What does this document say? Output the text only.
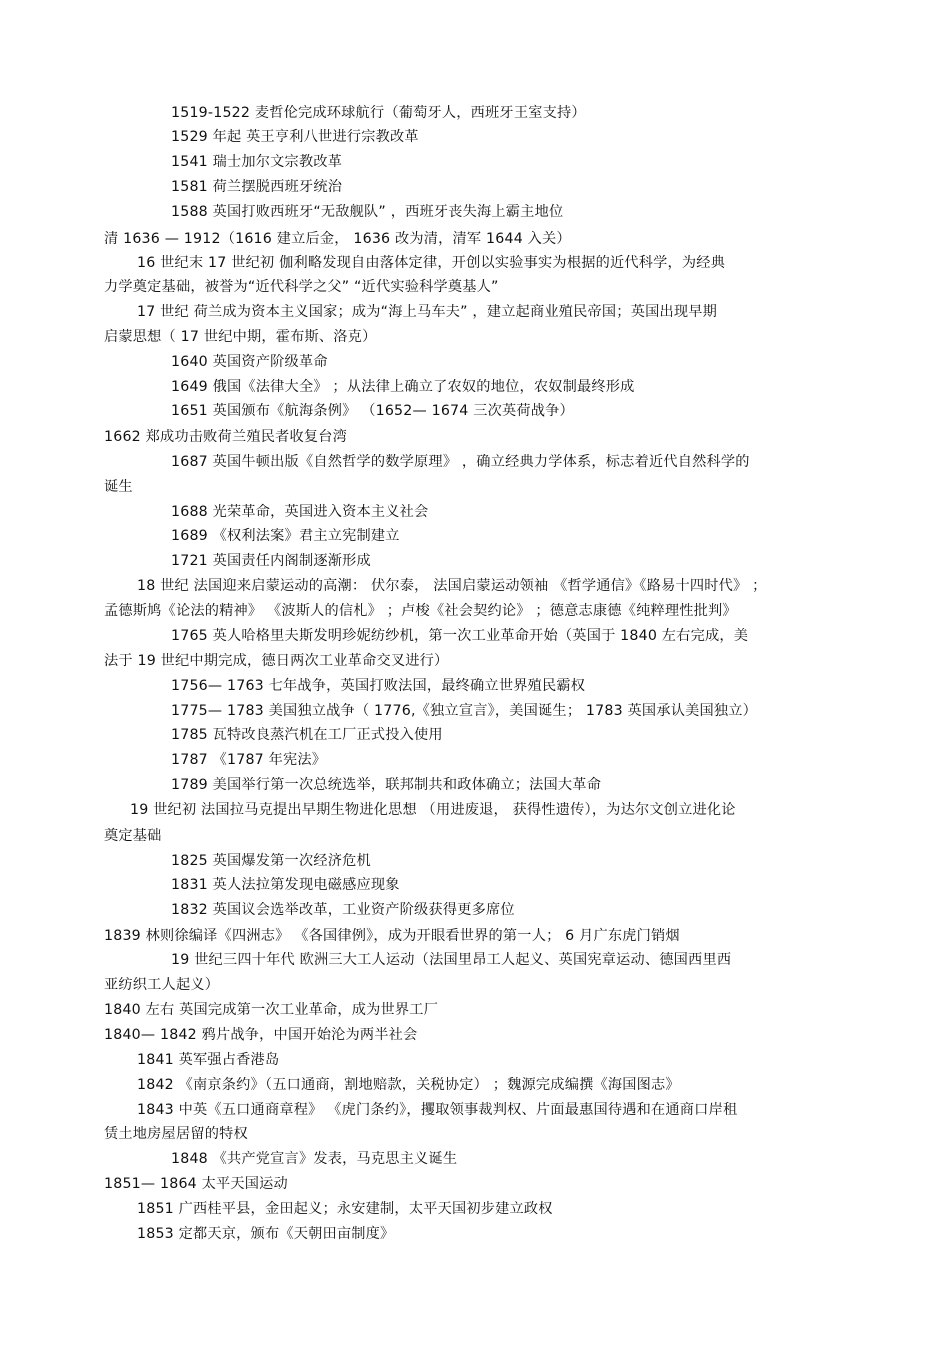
1519-1522 麦哲伦完成环球航行（葡萄牙人，西班牙王室支持）
1529 年起 英王亨利八世进行宗教改革
1541 瑞士加尔文宗教改革
1581 荷兰摆脱西班牙统治
1588 英国打败西班牙“无敌舰队” ，西班牙丧失海上霸主地位
清 1636 — 1912（1616 建立后金， 1636 改为清，清军 1644 入关）
16 世纪末 17 世纪初 伽利略发现自由落体定律，开创以实验事实为根据的近代科学，为经典
力学奠定基础，被誉为“近代科学之父” “近代实验科学奠基人”
17 世纪 荷兰成为资本主义国家；成为“海上马车夫” ，建立起商业殖民帝国；英国出现早期
启蒙思想（ 17 世纪中期，霍布斯、洛克）
1640 英国资产阶级革命
1649 俄国《法律大全》 ；从法律上确立了农奴的地位，农奴制最终形成
1651 英国颁布《航海条例》 （1652— 1674 三次英荷战争）
1662 郑成功击败荷兰殖民者收复台湾
1687 英国牛顿出版《自然哲学的数学原理》 ，确立经典力学体系，标志着近代自然科学的
诞生
1688 光荣革命，英国进入资本主义社会
1689 《权利法案》君主立宪制建立
1721 英国责任内阁制逐渐形成
18 世纪 法国迎来启蒙运动的高潮： 伏尔泰， 法国启蒙运动领袖 《哲学通信》《路易十四时代》 ；
孟德斯鸠《论法的精神》 《波斯人的信札》 ；卢梭《社会契约论》 ；德意志康德《纯粹理性批判》
1765 英人哈格里夫斯发明珍妮纺纱机，第一次工业革命开始（英国于 1840 左右完成，美
法于 19 世纪中期完成，德日两次工业革命交叉进行）
1756— 1763 七年战争，英国打败法国，最终确立世界殖民霸权
1775— 1783 美国独立战争（ 1776,《独立宣言》，美国诞生； 1783 英国承认美国独立）
1785 瓦特改良蒸汽机在工厂正式投入使用
1787 《1787 年宪法》
1789 美国举行第一次总统选举，联邦制共和政体确立；法国大革命
19 世纪初 法国拉马克提出早期生物进化思想 （用进废退， 获得性遗传），为达尔文创立进化论
奠定基础
1825 英国爆发第一次经济危机
1831 英人法拉第发现电磁感应现象
1832 英国议会选举改革，工业资产阶级获得更多席位
1839 林则徐编译《四洲志》 《各国律例》，成为开眼看世界的第一人； 6 月广东虎门销烟
19 世纪三四十年代 欧洲三大工人运动（法国里昂工人起义、英国宪章运动、德国西里西
亚纺织工人起义）
1840 左右 英国完成第一次工业革命，成为世界工厂
1840— 1842 鸦片战争，中国开始沦为两半社会
1841 英军强占香港岛
1842 《南京条约》（五口通商，割地赔款，关税协定） ；魏源完成编撰《海国图志》
1843 中英《五口通商章程》 《虎门条约》，攫取领事裁判权、片面最惠国待遇和在通商口岸租
赁土地房屋居留的特权
1848 《共产党宣言》发表，马克思主义诞生
1851— 1864 太平天国运动
1851 广西桂平县，金田起义；永安建制，太平天国初步建立政权
1853 定都天京，颁布《天朝田亩制度》
